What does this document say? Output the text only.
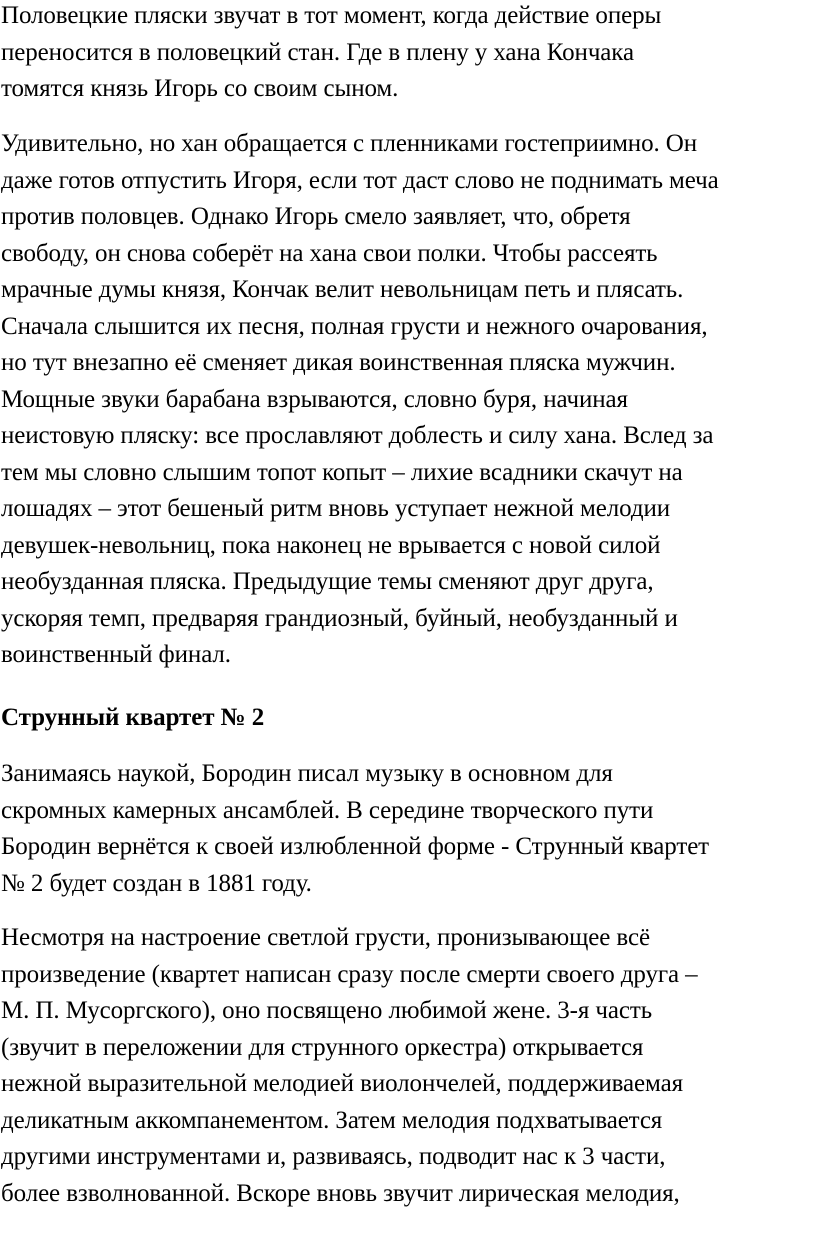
Половецкие пляски звучат в тот момент, когда действие оперы
переносится в половецкий стан. Где в плену у хана Кончака
томятся князь Игорь со своим сыном.
Удивительно, но хан обращается с пленниками гостеприимно. Он
даже готов отпустить Игоря, если тот даст слово не поднимать меча
против половцев. Однако Игорь смело заявляет, что, обретя
свободу, он снова соберёт на хана свои полки. Чтобы рассеять
мрачные думы князя, Кончак велит невольницам петь и плясать.
Сначала слышится их песня, полная грусти и нежного очарования,
но тут внезапно её сменяет дикая воинственная пляска мужчин.
Мощные звуки барабана взрываются, словно буря, начиная
неистовую пляску: все прославляют доблесть и силу хана. Вслед за
тем мы словно слышим топот копыт – лихие всадники скачут на
лошадях – этот бешеный ритм вновь уступает нежной мелодии
девушек-невольниц, пока наконец не врывается с новой силой
необузданная пляска. Предыдущие темы сменяют друг друга,
ускоряя темп, предваряя грандиозный, буйный, необузданный и
воинственный финал.
Струнный квартет № 2
Занимаясь наукой, Бородин писал музыку в основном для
скромных камерных ансамблей. В середине творческого пути
Бородин вернётся к своей излюбленной форме - Струнный квартет
№ 2 будет создан в 1881 году.
Несмотря на настроение светлой грусти, пронизывающее всё
произведение (квартет написан сразу после смерти своего друга –
М. П. Мусоргского), оно посвящено любимой жене. 3-я часть
(звучит в переложении для струнного оркестра) открывается
нежной выразительной мелодией виолончелей, поддерживаемая
деликатным аккомпанементом. Затем мелодия подхватывается
другими инструментами и, развиваясь, подводит нас к 3 части,
более взволнованной. Вскоре вновь звучит лирическая мелодия,
